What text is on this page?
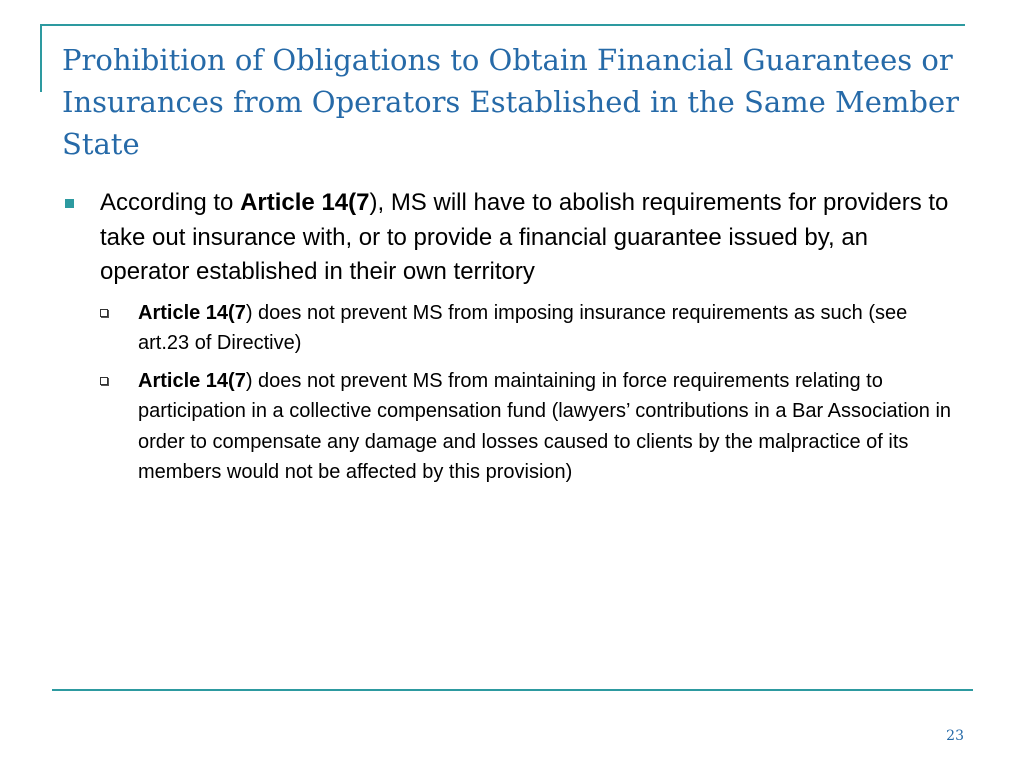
Prohibition of Obligations to Obtain Financial Guarantees or Insurances from Operators Established in the Same Member State
According to Article 14(7), MS will have to abolish requirements for providers to take out insurance with, or to provide a financial guarantee issued by, an operator established in their own territory
Article 14(7) does not prevent MS from imposing insurance requirements as such (see art.23 of Directive)
Article 14(7) does not prevent MS from maintaining in force requirements relating to participation in a collective compensation fund (lawyers’ contributions in a Bar Association in order to compensate any damage and losses caused to clients by the malpractice of its members would not be affected by this provision)
23
